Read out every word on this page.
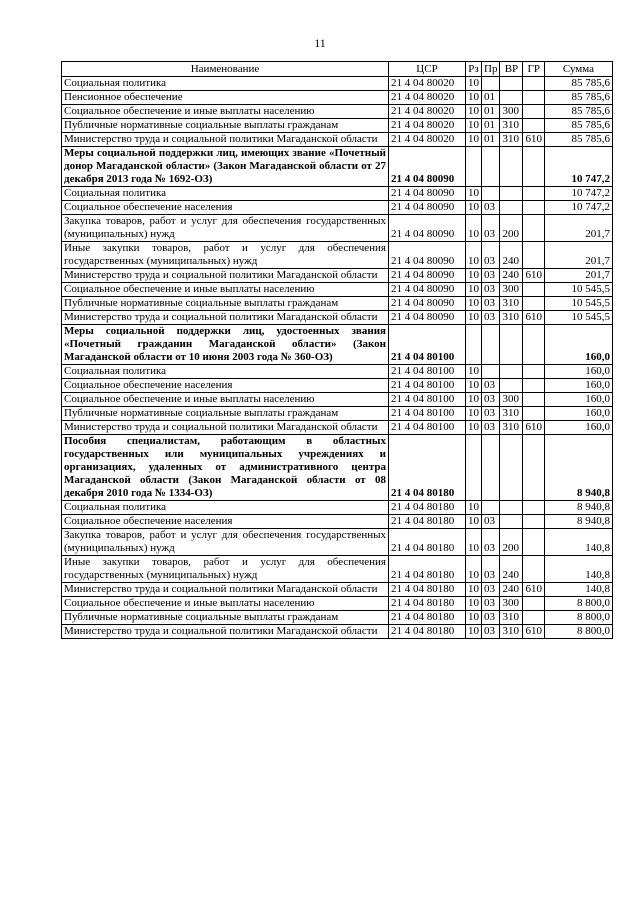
11
Наименование	ЦСР	Рз	Пр	ВР	ГР	Сумма
Социальная политика	21 4 04 80020	10				85 785,6
Пенсионное обеспечение	21 4 04 80020	10	01			85 785,6
Социальное обеспечение и иные выплаты населению	21 4 04 80020	10	01	300		85 785,6
Публичные нормативные социальные выплаты гражданам	21 4 04 80020	10	01	310		85 785,6
Министерство труда и социальной политики Магаданской области	21 4 04 80020	10	01	310	610	85 785,6
Меры социальной поддержки лиц, имеющих звание «Почетный донор Магаданской области» (Закон Магаданской области от 27 декабря 2013 года № 1692-ОЗ)	21 4 04 80090					10 747,2
Социальная политика	21 4 04 80090	10				10 747,2
Социальное обеспечение населения	21 4 04 80090	10	03			10 747,2
Закупка товаров, работ и услуг для обеспечения государственных (муниципальных) нужд	21 4 04 80090	10	03	200		201,7
Иные закупки товаров, работ и услуг для обеспечения государственных (муниципальных) нужд	21 4 04 80090	10	03	240		201,7
Министерство труда и социальной политики Магаданской области	21 4 04 80090	10	03	240	610	201,7
Социальное обеспечение и иные выплаты населению	21 4 04 80090	10	03	300		10 545,5
Публичные нормативные социальные выплаты гражданам	21 4 04 80090	10	03	310		10 545,5
Министерство труда и социальной политики Магаданской области	21 4 04 80090	10	03	310	610	10 545,5
Меры социальной поддержки лиц, удостоенных звания «Почетный гражданин Магаданской области» (Закон Магаданской области от 10 июня 2003 года № 360-ОЗ)	21 4 04 80100					160,0
Социальная политика	21 4 04 80100	10				160,0
Социальное обеспечение населения	21 4 04 80100	10	03			160,0
Социальное обеспечение и иные выплаты населению	21 4 04 80100	10	03	300		160,0
Публичные нормативные социальные выплаты гражданам	21 4 04 80100	10	03	310		160,0
Министерство труда и социальной политики Магаданской области	21 4 04 80100	10	03	310	610	160,0
Пособия специалистам, работающим в областных государственных или муниципальных учреждениях и организациях, удаленных от административного центра Магаданской области (Закон Магаданской области от 08 декабря 2010 года № 1334-ОЗ)	21 4 04 80180					8 940,8
Социальная политика	21 4 04 80180	10				8 940,8
Социальное обеспечение населения	21 4 04 80180	10	03			8 940,8
Закупка товаров, работ и услуг для обеспечения государственных (муниципальных) нужд	21 4 04 80180	10	03	200		140,8
Иные закупки товаров, работ и услуг для обеспечения государственных (муниципальных) нужд	21 4 04 80180	10	03	240		140,8
Министерство труда и социальной политики Магаданской области	21 4 04 80180	10	03	240	610	140,8
Социальное обеспечение и иные выплаты населению	21 4 04 80180	10	03	300		8 800,0
Публичные нормативные социальные выплаты гражданам	21 4 04 80180	10	03	310		8 800,0
Министерство труда и социальной политики Магаданской области	21 4 04 80180	10	03	310	610	8 800,0
